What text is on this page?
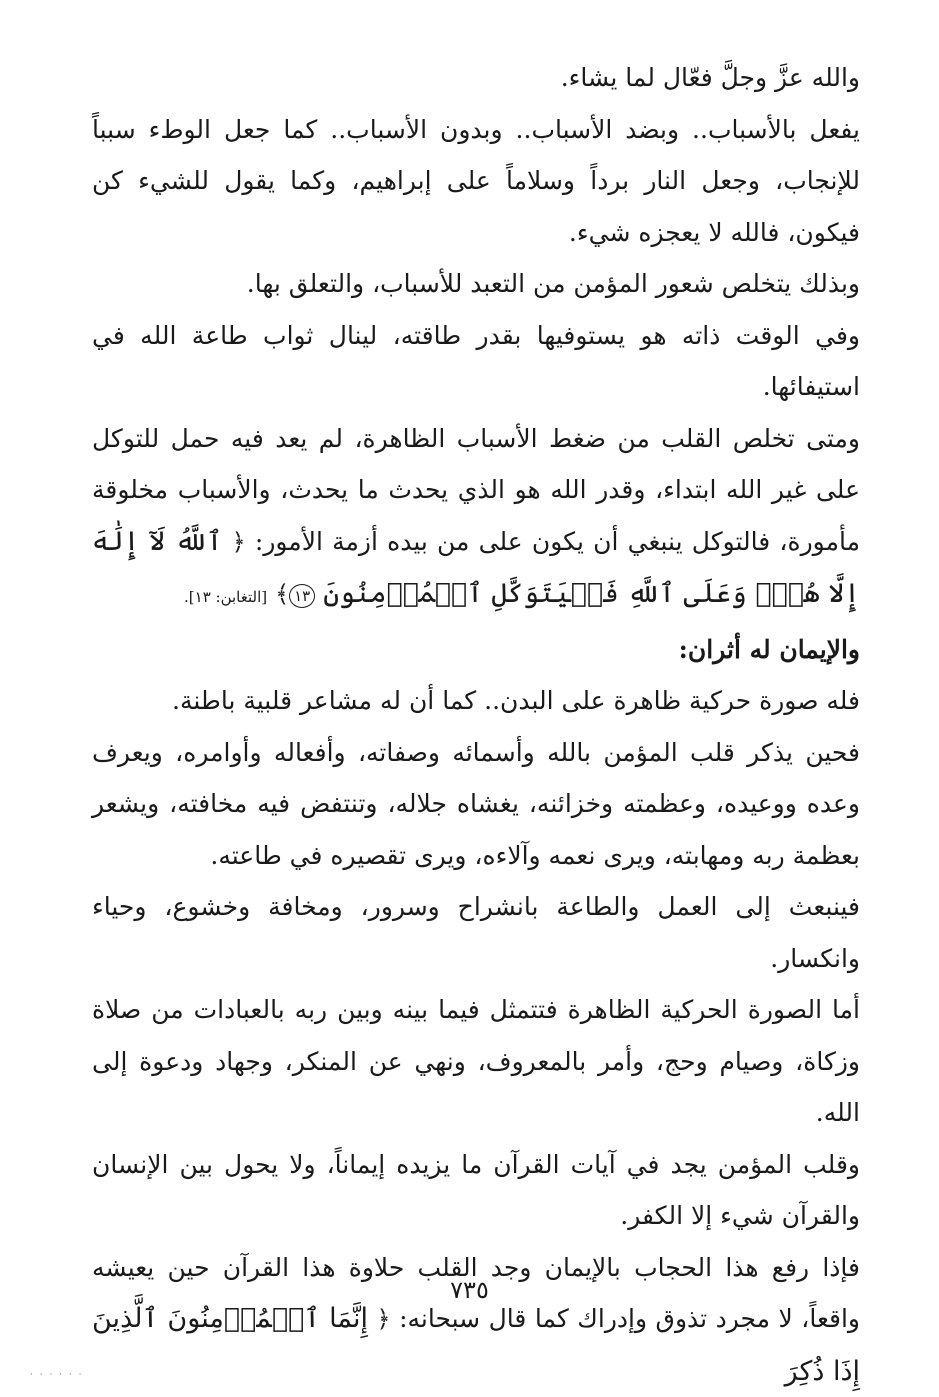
والله عزَّ وجلَّ فعّال لما يشاء.

يفعل بالأسباب.. وبضد الأسباب.. وبدون الأسباب.. كما جعل الوطء سبباً للإنجاب، وجعل النار برداً وسلاماً على إبراهيم، وكما يقول للشيء كن فيكون، فالله لا يعجزه شيء.

وبذلك يتخلص شعور المؤمن من التعبد للأسباب، والتعلق بها.

وفي الوقت ذاته هو يستوفيها بقدر طاقته، لينال ثواب طاعة الله في استيفائها.

ومتى تخلص القلب من ضغط الأسباب الظاهرة، لم يعد فيه حمل للتوكل على غير الله ابتداء، وقدر الله هو الذي يحدث ما يحدث، والأسباب مخلوقة مأمورة، فالتوكل ينبغي أن يكون على من بيده أزمة الأمور: ﴿ ٱللَّهُ لَآ إِلَٰهَ إِلَّا هُوَۚ وَعَلَى ٱللَّهِ فَلۡيَتَوَكَّلِ ٱلۡمُؤۡمِنُونَ ١٣﴾ [التغابن: ١٣].

والإيمان له أثران:

فله صورة حركية ظاهرة على البدن.. كما أن له مشاعر قلبية باطنة.

فحين يذكر قلب المؤمن بالله وأسمائه وصفاته، وأفعاله وأوامره، ويعرف وعده ووعيده، وعظمته وخزائنه، يغشاه جلاله، وتنتفض فيه مخافته، ويشعر بعظمة ربه ومهابته، ويرى نعمه وآلاءه، ويرى تقصيره في طاعته.

فينبعث إلى العمل والطاعة بانشراح وسرور، ومخافة وخشوع، وحياء وانكسار.

أما الصورة الحركية الظاهرة فتتمثل فيما بينه وبين ربه بالعبادات من صلاة وزكاة، وصيام وحج، وأمر بالمعروف، ونهي عن المنكر، وجهاد ودعوة إلى الله.

وقلب المؤمن يجد في آيات القرآن ما يزيده إيماناً، ولا يحول بين الإنسان والقرآن شيء إلا الكفر.

فإذا رفع هذا الحجاب بالإيمان وجد القلب حلاوة هذا القرآن حين يعيشه واقعاً، لا مجرد تذوق وإدراك كما قال سبحانه: ﴿ إِنَّمَا ٱلۡمُؤۡمِنُونَ ٱلَّذِينَ إِذَا ذُكِرَ

٧٣٥
· · · · · ·
